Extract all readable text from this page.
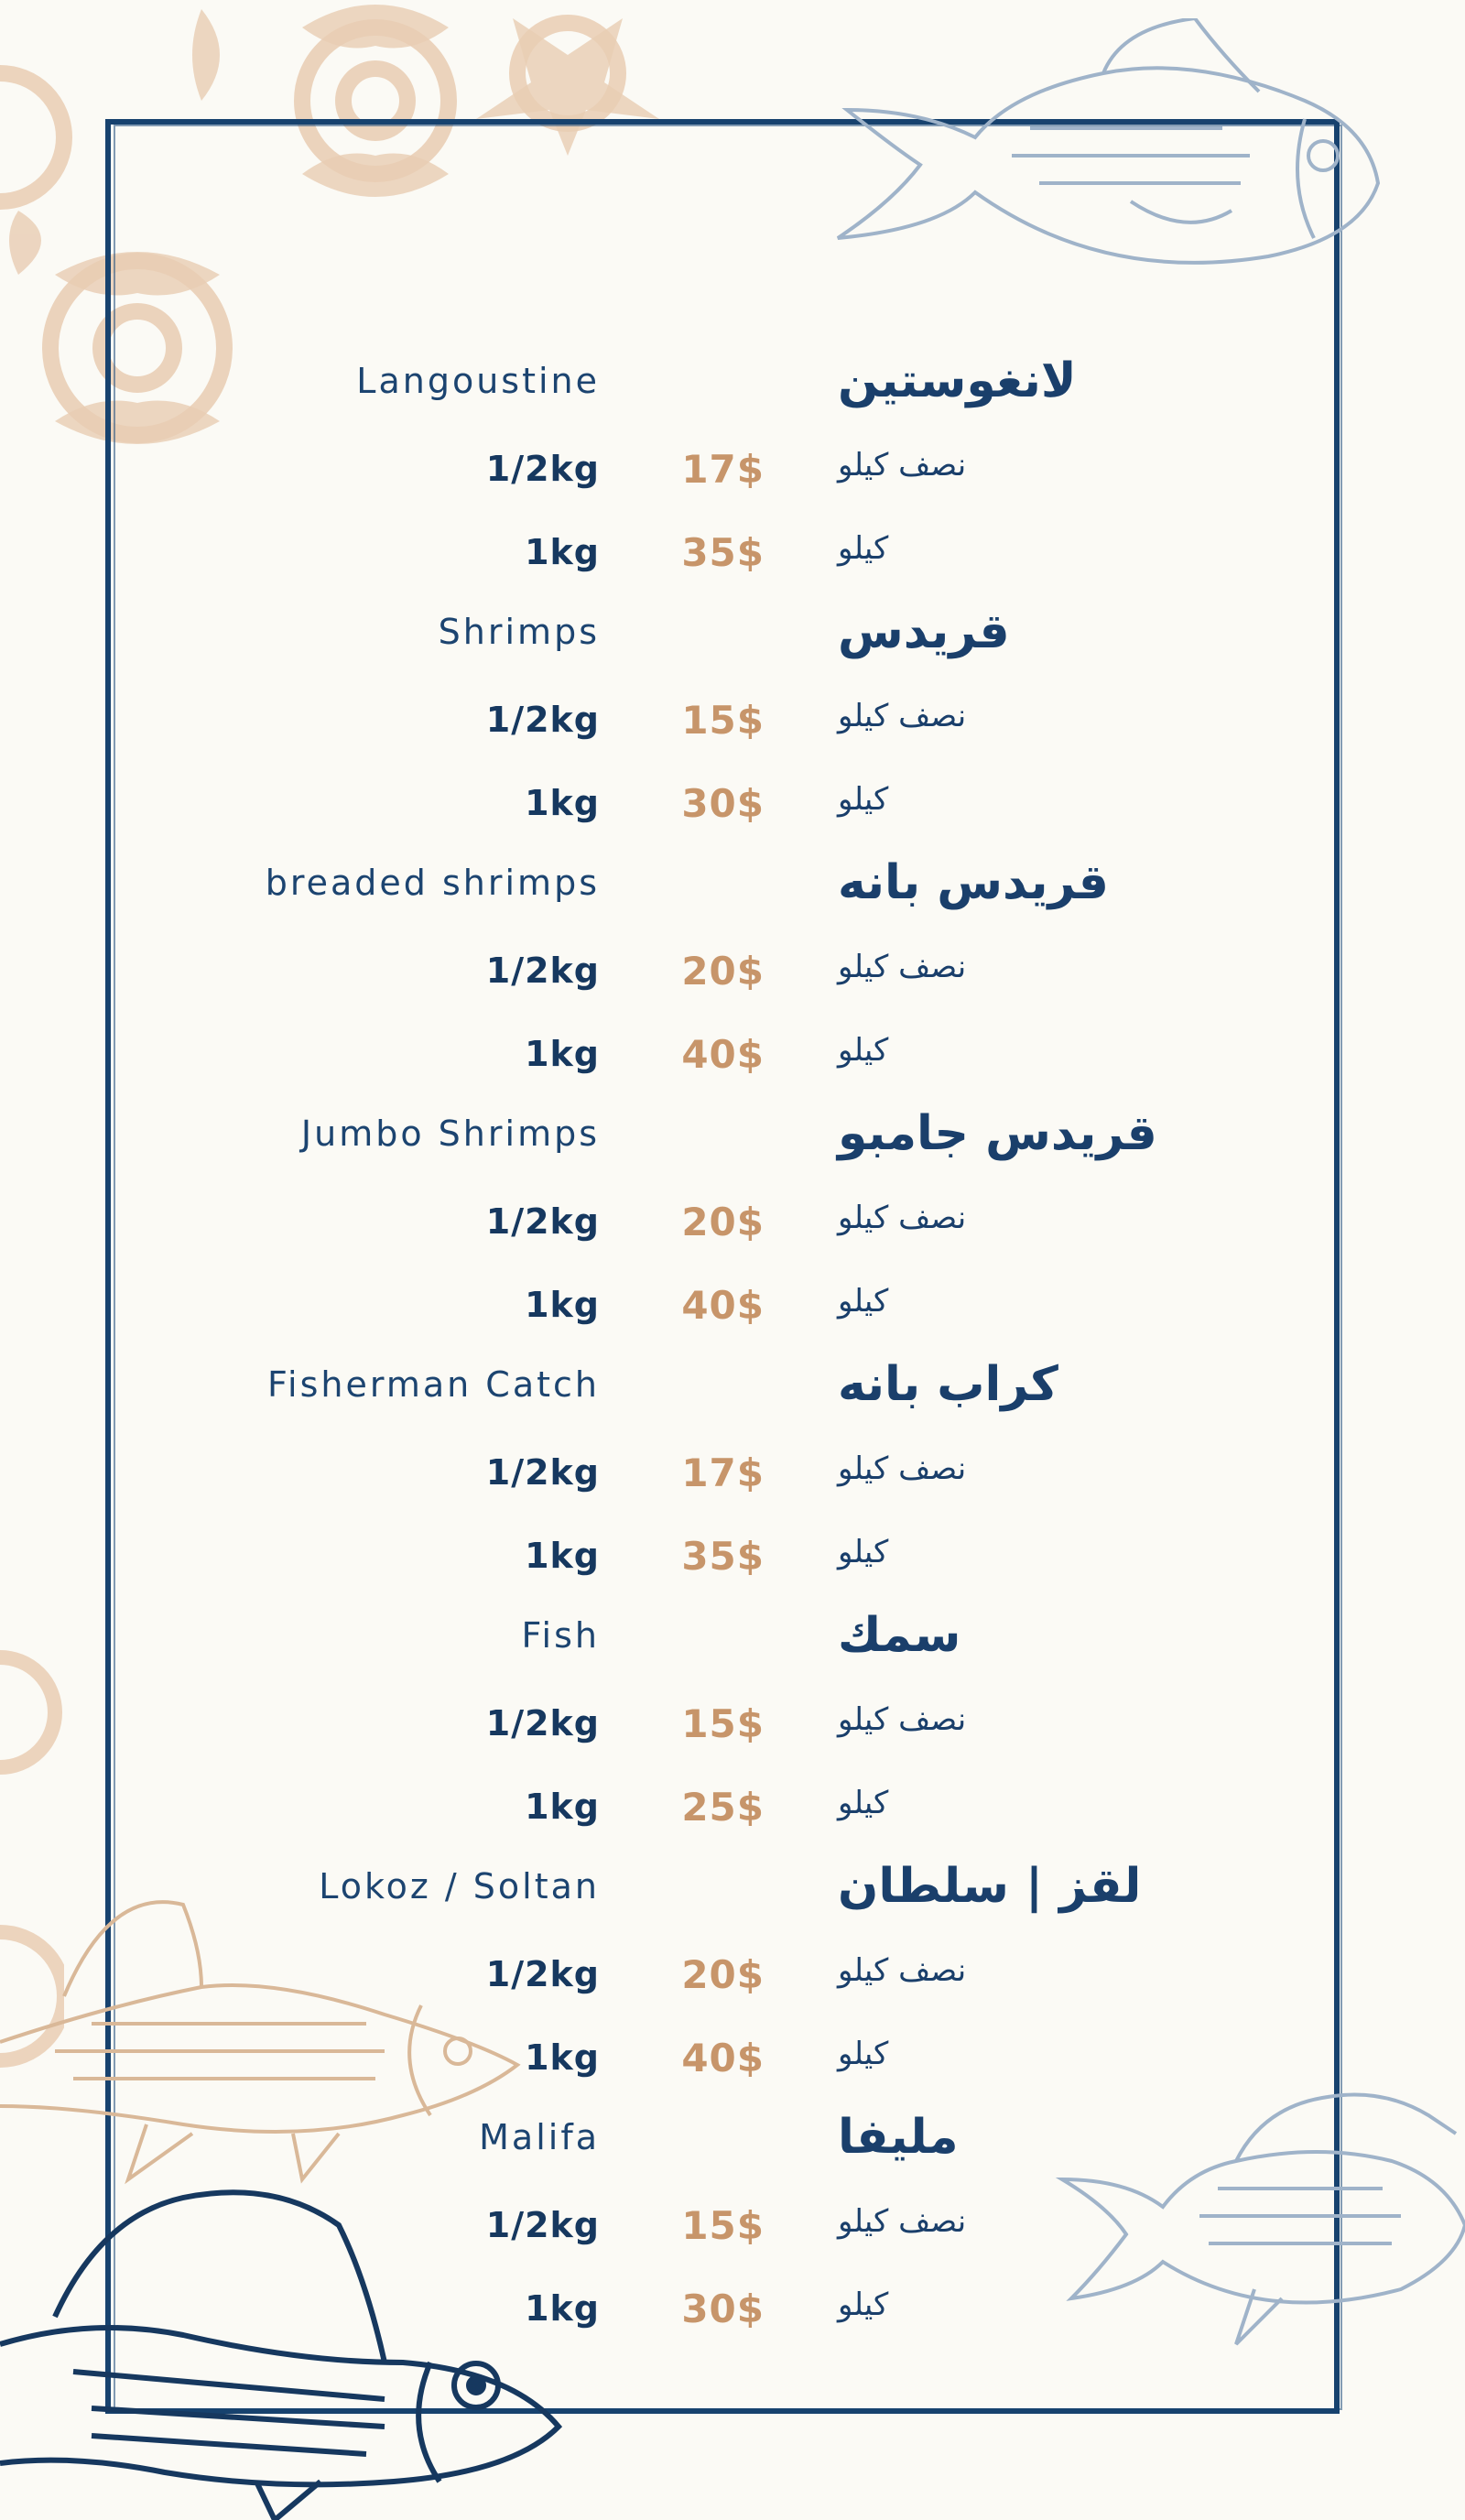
Langoustine	لانغوستين
1/2kg 17$ نصف كيلو
1kg 35$ كيلو
Shrimps	قريدس
1/2kg 15$ نصف كيلو
1kg 30$ كيلو
breaded shrimps	قريدس بانه
1/2kg 20$ نصف كيلو
1kg 40$ كيلو
Jumbo Shrimps	قريدس جامبو
1/2kg 20$ نصف كيلو
1kg 40$ كيلو
Fisherman Catch	كراب بانه
1/2kg 17$ نصف كيلو
1kg 35$ كيلو
Fish	سمك
1/2kg 15$ نصف كيلو
1kg 25$ كيلو
Lokoz / Soltan	لقز | سلطان
1/2kg 20$ نصف كيلو
1kg 40$ كيلو
Malifa	مليفا
1/2kg 15$ نصف كيلو
1kg 30$ كيلو
